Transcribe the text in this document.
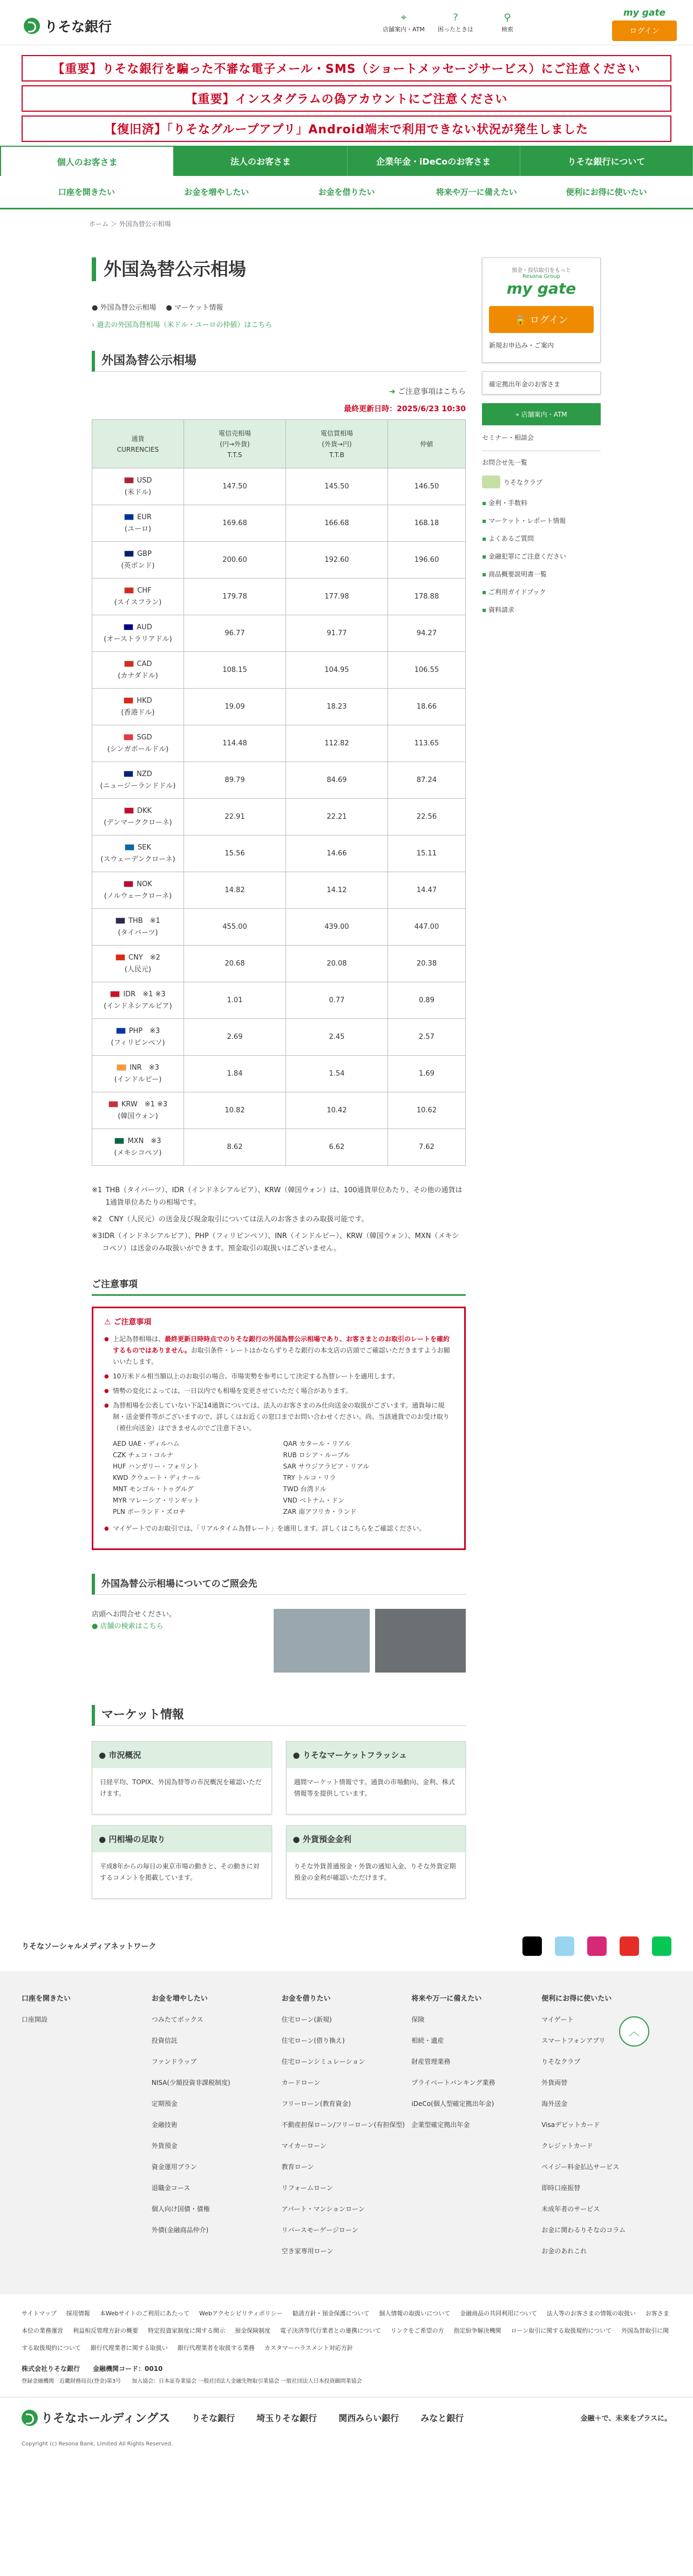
りそな銀行
⌖
店舗案内・ATM
?
困ったときは
⚲
検索
my gate
ログイン
【重要】りそな銀行を騙った不審な電子メール・SMS（ショートメッセージサービス）にご注意ください
【重要】インスタグラムの偽アカウントにご注意ください
【復旧済】「りそなグループアプリ」Android端末で利用できない状況が発生しました
個人のお客さま	法人のお客さま	企業年金・iDeCoのお客さま	りそな銀行について
口座を開きたい	お金を増やしたい	お金を借りたい	将来や万一に備えたい	便利にお得に使いたい
ホーム ＞ 外国為替公示相場
外国為替公示相場
● 外国為替公示相場 ● マーケット情報
› 過去の外国為替相場（米ドル・ユーロの仲値）はこちら
外国為替公示相場
➜ ご注意事項はこちら
最終更新日時：2025/6/23 10:30
通貨
CURRENCIES	電信売相場
(円→外貨)
T.T.S	電信買相場
(外貨→円)
T.T.B	仲値
USD
(米ドル)	147.50	145.50	146.50
EUR
(ユーロ)	169.68	166.68	168.18
GBP
(英ポンド)	200.60	192.60	196.60
CHF
(スイスフラン)	179.78	177.98	178.88
AUD
(オーストラリアドル)	96.77	91.77	94.27
CAD
(カナダドル)	108.15	104.95	106.55
HKD
(香港ドル)	19.09	18.23	18.66
SGD
(シンガポールドル)	114.48	112.82	113.65
NZD
(ニュージーランドドル)	89.79	84.69	87.24
DKK
(デンマーククローネ)	22.91	22.21	22.56
SEK
(スウェーデンクローネ)	15.56	14.66	15.11
NOK
(ノルウェークローネ)	14.82	14.12	14.47
THB　※1
(タイバーツ)	455.00	439.00	447.00
CNY　※2
(人民元)	20.68	20.08	20.38
IDR　※1 ※3
(インドネシアルピア)	1.01	0.77	0.89
PHP　※3
(フィリピンペソ)	2.69	2.45	2.57
INR　※3
(インドルピー)	1.84	1.54	1.69
KRW　※1 ※3
(韓国ウォン)	10.82	10.42	10.62
MXN　※3
(メキシコペソ)	8.62	6.62	7.62
※1 THB（タイバーツ）、IDR（インドネシアルピア）、KRW（韓国ウォン）は、100通貨単位あたり、その他の通貨は1通貨単位あたりの相場です。
※2 CNY（人民元）の送金及び現金取引については法人のお客さまのみ取扱可能です。
※3 IDR（インドネシアルピア）、PHP（フィリピンペソ）、INR（インドルピー）、KRW（韓国ウォン）、MXN（メキシコペソ）は送金のみ取扱いができます。預金取引の取扱いはございません。
ご注意事項
⚠ ご注意事項
● 上記為替相場は、最終更新日時時点でのりそな銀行の外国為替公示相場であり、お客さまとのお取引のレートを確約するものではありません。お取引条件・レートはかならずりそな銀行の本支店の店頭でご確認いただきますようお願いいたします。
● 10万米ドル相当額以上のお取引の場合、市場実勢を参考にして決定する為替レートを適用します。
● 情勢の変化によっては、一日以内でも相場を変更させていただく場合があります。
● 為替相場を公表していない下記14通貨については、法人のお客さまのみ仕向送金の取扱がございます。通貨毎に規制・送金要件等がございますので、詳しくはお近くの窓口までお問い合わせください。尚、当該通貨でのお受け取り（被仕向送金）はできませんのでご注意下さい。
AED UAE・ディルハム	QAR カタール・リアル
CZK チェコ・コルナ	RUB ロシア・ルーブル
HUF ハンガリー・フォリント	SAR サウジアラビア・リアル
KWD クウェート・ディナール	TRY トルコ・リラ
MNT モンゴル・トゥグルグ	TWD 台湾ドル
MYR マレーシア・リンギット	VND ベトナム・ドン
PLN ポーランド・ズロチ	ZAR 南アフリカ・ランド
● マイゲートでのお取引では、「リアルタイム為替レート」を適用します。詳しくはこちらをご確認ください。
外国為替公示相場についてのご照会先
店頭へお問合せください。
● 店舗の検索はこちら
マーケット情報
● 市況概況
日経平均、TOPIX、外国為替等の市況概況を確認いただけます。
● りそなマーケットフラッシュ
週間マーケット情報です。通貨の市場動向、金利、株式情報等を提供しています。
● 円相場の足取り
平成8年からの毎日の東京市場の動きと、その動きに対するコメントを掲載しています。
● 外貨預金金利
りそな外貨普通預金・外貨の通知入金、りそな外貨定期預金の金利が確認いただけます。
預金・投信取引をもっと
Resona Group
my gate
🔒 ログイン
新規お申込み・ご案内
確定拠出年金のお客さま
⌖ 店舗案内・ATM
セミナー・相談会
お問合せ先一覧
りそなクラブ
▪ 金利・手数料
▪ マーケット・レポート情報
▪ よくあるご質問
▪ 金融犯罪にご注意ください
▪ 商品概要説明書一覧
▪ ご利用ガイドブック
▪ 資料請求
りそなソーシャルメディアネットワーク
口座を開きたい
口座開設
お金を増やしたい
つみたてボックス
投資信託
ファンドラップ
NISA(少額投資非課税制度)
定期預金
金融技術
外貨預金
資金運用プラン
退職金コース
個人向け国債・債権
外債(金融商品仲介)
お金を借りたい
住宅ローン(新規)
住宅ローン(借り換え)
住宅ローンシミュレーション
カードローン
フリーローン(教育資金)
不動産担保ローン/フリーローン(有担保型)
マイカーローン
教育ローン
リフォームローン
アパート・マンションローン
リバースモーゲージローン
空き家専用ローン
将来や万一に備えたい
保険
相続・遺産
財産管理業務
プライベートバンキング業務
iDeCo(個人型確定拠出年金)
企業型確定拠出年金
便利にお得に使いたい
マイゲート
スマートフォンアプリ
りそなクラブ
外貨両替
海外送金
Visaデビットカード
クレジットカード
ペイジー料金払込サービス
即時口座振替
未成年者のサービス
お金に関わるりそなのコラム
お金のあれこれ
サイトマップ 採用情報 本Webサイトのご利用にあたって Webアクセシビリティポリシー 勧誘方針・預金保護について 個人情報の取扱いについて 金融商品の共同利用について 法人等のお客さまの情報の取扱い お客さま本位の業務運営 利益相反管理方針の概要 特定投資家制度に関する開示 預金保険制度 電子決済等代行業者との連携について リンクをご希望の方 指定紛争解決機関 ローン取引に関する取扱規約について 外国為替取引に関する取扱規約について 銀行代理業者に関する取扱い 銀行代理業者を取扱する業務 カスタマーハラスメント対応方針
株式会社りそな銀行　　金融機関コード：0010
登録金融機関　近畿財務局長(登金)第3号　　加入協会：日本証券業協会 一般社団法人金融先物取引業協会 一般社団法人日本投資顧問業協会
りそなホールディングス	りそな銀行	埼玉りそな銀行	関西みらい銀行	みなと銀行	金融＋で、未来をプラスに。
Copyright (c) Resona Bank, Limited All Rights Reserved.
︿
